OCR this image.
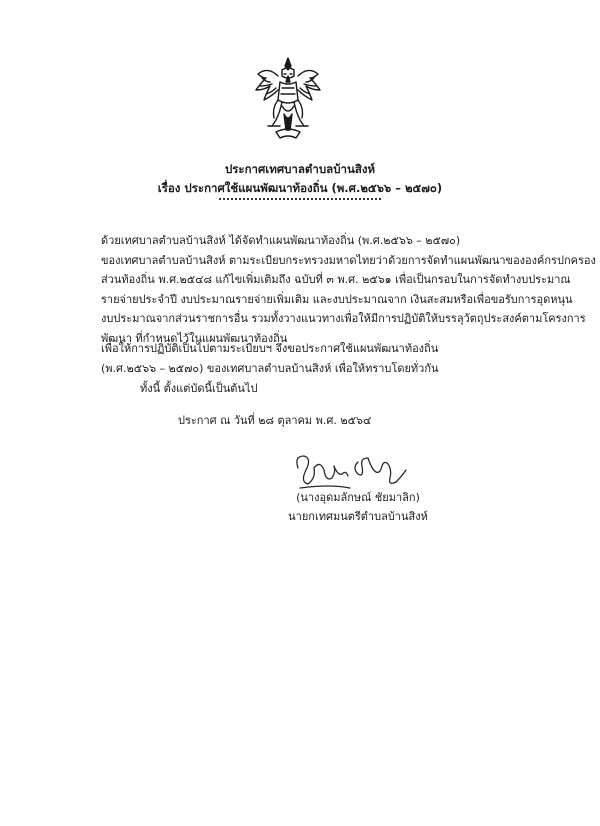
ประกาศเทศบาลตำบลบ้านสิงห์
เรื่อง ประกาศใช้แผนพัฒนาท้องถิ่น (พ.ศ.๒๕๖๖ – ๒๕๗๐)
ด้วยเทศบาลตำบลบ้านสิงห์ ได้จัดทำแผนพัฒนาท้องถิ่น (พ.ศ.๒๕๖๖ – ๒๕๗๐)
ของเทศบาลตำบลบ้านสิงห์ ตามระเบียบกระทรวงมหาดไทยว่าด้วยการจัดทำแผนพัฒนาขององค์กรปกครอง
ส่วนท้องถิ่น พ.ศ.๒๕๔๘ แก้ไขเพิ่มเติมถึง ฉบับที่ ๓ พ.ศ. ๒๕๖๑ เพื่อเป็นกรอบในการจัดทำงบประมาณ
รายจ่ายประจำปี งบประมาณรายจ่ายเพิ่มเติม และงบประมาณจาก เงินสะสมหรือเพื่อขอรับการอุดหนุน
งบประมาณจากส่วนราชการอื่น รวมทั้งวางแนวทางเพื่อให้มีการปฏิบัติให้บรรลุวัตถุประสงค์ตามโครงการ
พัฒนา ที่กำหนดไว้ในแผนพัฒนาท้องถิ่น
เพื่อให้การปฏิบัติเป็นไปตามระเบียบฯ จึงขอประกาศใช้แผนพัฒนาท้องถิ่น
(พ.ศ.๒๕๖๖ – ๒๕๗๐) ของเทศบาลตำบลบ้านสิงห์ เพื่อให้ทราบโดยทั่วกัน
ทั้งนี้ ตั้งแต่บัดนี้เป็นต้นไป
ประกาศ ณ วันที่ ๒๘ ตุลาคม พ.ศ. ๒๕๖๔
(นางอุดมลักษณ์ ชัยมาลิก)
นายกเทศมนตรีตำบลบ้านสิงห์
